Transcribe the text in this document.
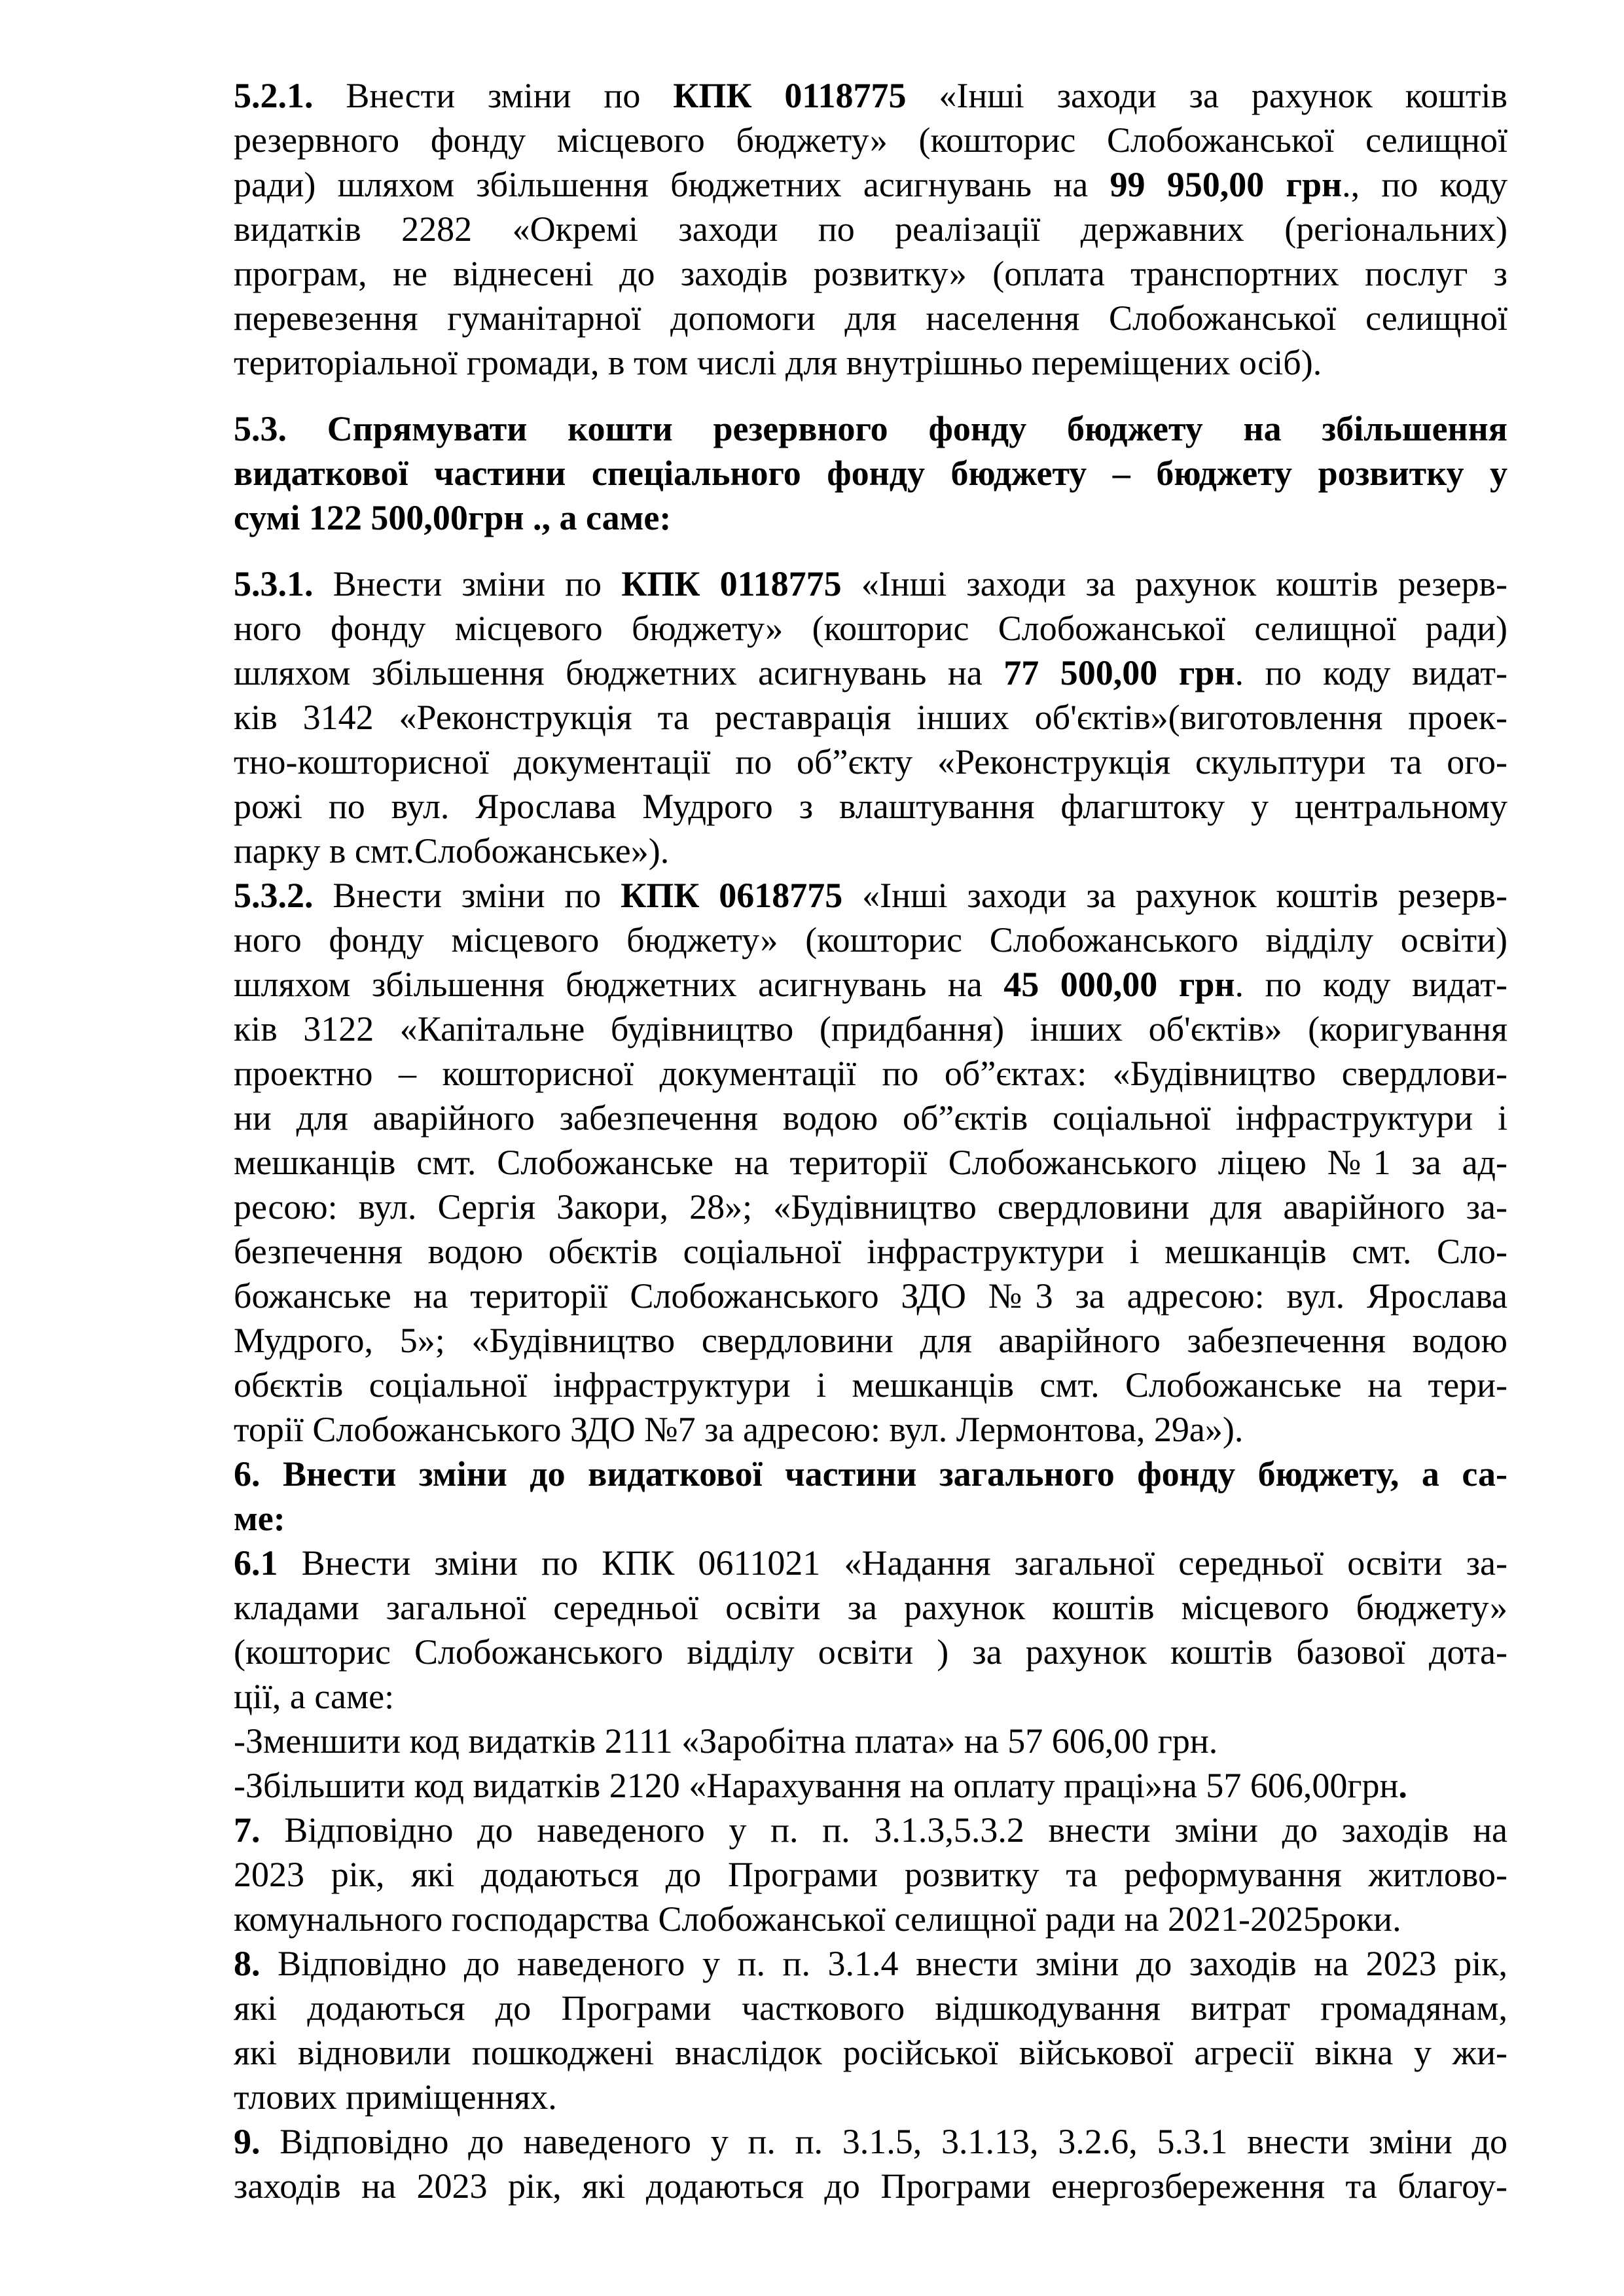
5.2.1. Внести зміни по КПК 0118775 «Інші заходи за рахунок коштів
резервного фонду місцевого бюджету» (кошторис Слобожанської селищної
ради) шляхом збільшення бюджетних асигнувань на 99 950,00 грн., по коду
видатків 2282 «Окремі заходи по реалізації державних (регіональних)
програм, не віднесені до заходів розвитку» (оплата транспортних послуг з
перевезення гуманітарної допомоги для населення Слобожанської селищної
територіальної громади, в том числі для внутрішньо переміщених осіб).
5.3. Спрямувати кошти резервного фонду бюджету на збільшення
видаткової частини спеціального фонду бюджету – бюджету розвитку у
сумі 122 500,00грн ., а саме:
5.3.1. Внести зміни по КПК 0118775 «Інші заходи за рахунок коштів резерв-
ного фонду місцевого бюджету» (кошторис Слобожанської селищної ради)
шляхом збільшення бюджетних асигнувань на 77 500,00 грн. по коду видат-
ків 3142 «Реконструкція та реставрація інших об'єктів»(виготовлення проек-
тно-кошторисної документації по об”єкту «Реконструкція скульптури та ого-
рожі по вул. Ярослава Мудрого з влаштування флагштоку у центральному
парку в смт.Слобожанське»).
5.3.2. Внести зміни по КПК 0618775 «Інші заходи за рахунок коштів резерв-
ного фонду місцевого бюджету» (кошторис Слобожанського відділу освіти)
шляхом збільшення бюджетних асигнувань на 45 000,00 грн. по коду видат-
ків 3122 «Капітальне будівництво (придбання) інших об'єктів» (коригування
проектно – кошторисної документації по об”єктах: «Будівництво свердлови-
ни для аварійного забезпечення водою об”єктів соціальної інфраструктури і
мешканців смт. Слобожанське на території Слобожанського ліцею №1 за ад-
ресою: вул. Сергія Закори, 28»; «Будівництво свердловини для аварійного за-
безпечення водою обєктів соціальної інфраструктури і мешканців смт. Сло-
божанське на території Слобожанського ЗДО №3 за адресою: вул. Ярослава
Мудрого, 5»; «Будівництво свердловини для аварійного забезпечення водою
обєктів соціальної інфраструктури і мешканців смт. Слобожанське на тери-
торії Слобожанського ЗДО №7 за адресою: вул. Лермонтова, 29а»).
6. Внести зміни до видаткової частини загального фонду бюджету, а са-
ме:
6.1 Внести зміни по КПК 0611021 «Надання загальної середньої освіти за-
кладами загальної середньої освіти за рахунок коштів місцевого бюджету»
(кошторис Слобожанського відділу освіти ) за рахунок коштів базової дота-
ції, а саме:
-Зменшити код видатків 2111 «Заробітна плата» на 57 606,00 грн.
-Збільшити код видатків 2120 «Нарахування на оплату праці»на 57 606,00грн.
7. Відповідно до наведеного у п. п. 3.1.3,5.3.2 внести зміни до заходів на
2023 рік, які додаються до Програми розвитку та реформування житлово-
комунального господарства Слобожанської селищної ради на 2021-2025роки.
8. Відповідно до наведеного у п. п. 3.1.4 внести зміни до заходів на 2023 рік,
які додаються до Програми часткового відшкодування витрат громадянам,
які відновили пошкоджені внаслідок російської військової агресії вікна у жи-
тлових приміщеннях.
9. Відповідно до наведеного у п. п. 3.1.5, 3.1.13, 3.2.6, 5.3.1 внести зміни до
заходів на 2023 рік, які додаються до Програми енергозбереження та благоу-
